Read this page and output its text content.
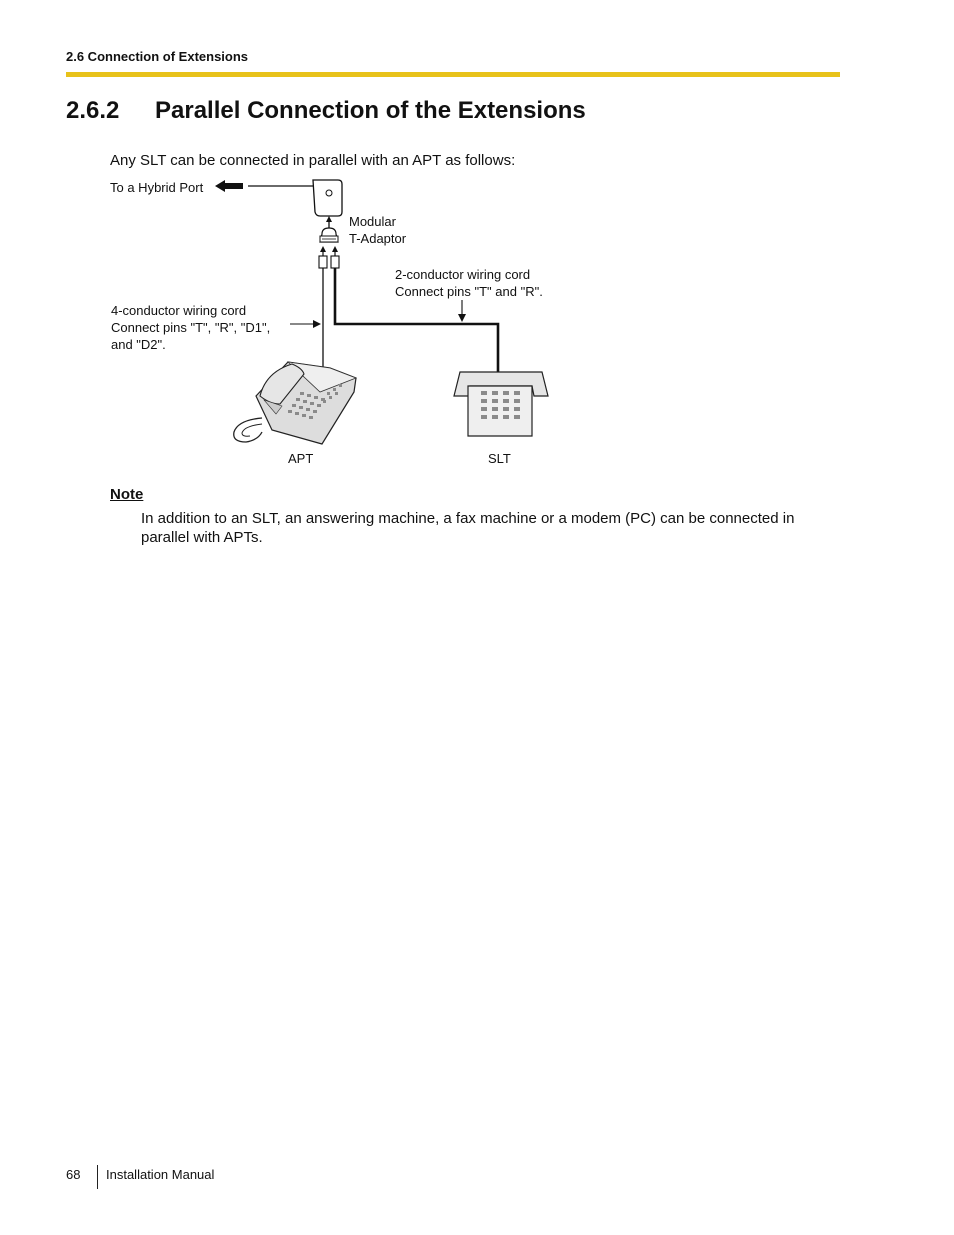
2.6 Connection of Extensions
2.6.2 Parallel Connection of the Extensions
Any SLT can be connected in parallel with an APT as follows:
To a Hybrid Port
Modular
T-Adaptor
2-conductor wiring cord
Connect pins "T" and "R".
4-conductor wiring cord
Connect pins "T", "R", "D1",
and "D2".
APT	SLT
Note
In addition to an SLT, an answering machine, a fax machine or a modem (PC) can be connected in parallel with APTs.
68 Installation Manual
